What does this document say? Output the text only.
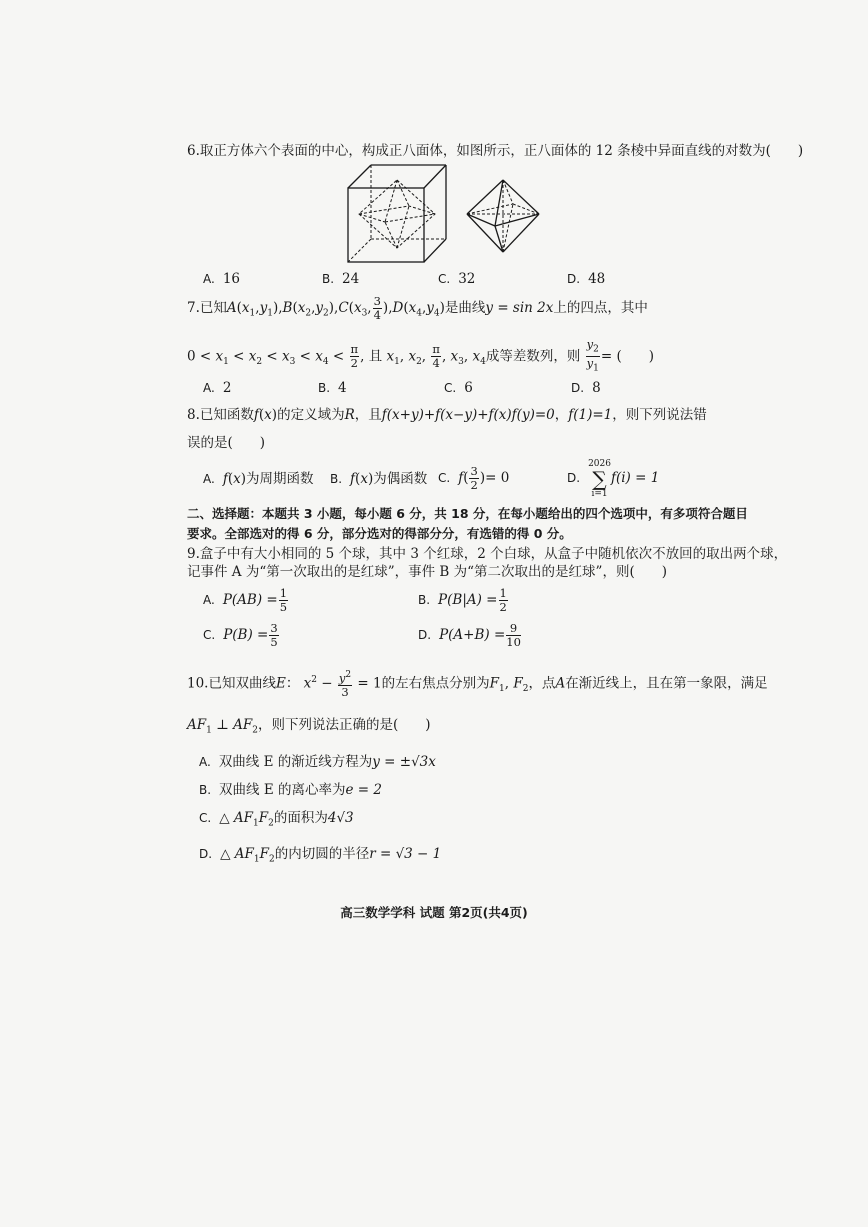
6.取正方体六个表面的中心，构成正八面体，如图所示，正八面体的 12 条棱中异面直线的对数为(　　)
A. 16	B. 24	C. 32	D. 48
7.已知$A(x_1,y_1),B(x_2,y_2),C(x_3$, $\frac{3}{4} ),D(x_4,y_4)$是曲线y = sin 2x上的四点，其中
$0 < x_1 < x_2 < x_3 < x_4 < \frac{\pi}{2}$ , 且 $x_1$, $x_2$, $\frac{\pi}{4}$ , $x_3$, $x_4$成等差数列，则 $\frac{y_2}{y_1}$ = (　　)
A. 2	B. 4	C. 6	D. 8
8.已知函数f(x)的定义域为R，且f(x+y)+f(x−y)+f(x)f(y)=0，f(1)=1，则下列说法错
误的是(　　)
A. f(x)为周期函数 B. f(x)为偶函数 C. $f( \frac{3}{2}$ )= 0	D.2026
∑
i=1f(i) = 1
二、选择题：本题共 3 小题，每小题 6 分，共 18 分，在每小题给出的四个选项中，有多项符合题目
要求。全部选对的得 6 分，部分选对的得部分分，有选错的得 0 分。
9.盒子中有大小相同的 5 个球，其中 3 个红球，2 个白球，从盒子中随机依次不放回的取出两个球，
记事件 A 为“第一次取出的是红球”，事件 B 为“第二次取出的是红球”，则(　　)
A. $P(AB) = \frac{1}{5}$	B. $P(B|A) = \frac{1}{2}$
C. $P(B) = \frac{3}{5}$	D. $P(A+B) = \frac{9}{10}$
10.已知双曲线E： $x^2 - \frac{y^2}{3} = 1$的左右焦点分别为$F_1$, $F_2$，点A在渐近线上，且在第一象限，满足
$AF_1$ ⊥ $AF_2$，则下列说法正确的是(　　)
A. 双曲线 E 的渐近线方程为y = ±√3x
B. 双曲线 E 的离心率为e = 2
C. △ $AF_1F_2$的面积为4√3
D. △ $AF_1F_2$的内切圆的半径r = √3 − 1
高三数学学科 试题 第2页(共4页)
